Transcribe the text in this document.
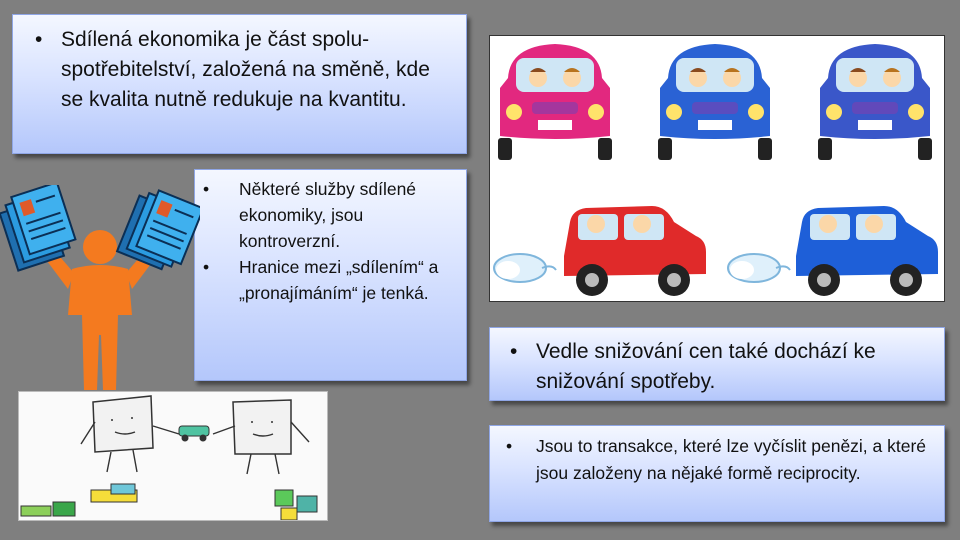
• Sdílená ekonomika je část spolu-spotřebitelství, založená na směně, kde se kvalita nutně redukuje na kvantitu.
• Některé služby sdílené ekonomiky, jsou kontroverzní.
• Hranice mezi „sdílením“ a „pronajímáním“ je tenká.
• Vedle snižování cen také dochází ke snižování spotřeby.
• Jsou to transakce, které lze vyčíslit penězi, a které jsou založeny na nějaké formě reciprocity.
